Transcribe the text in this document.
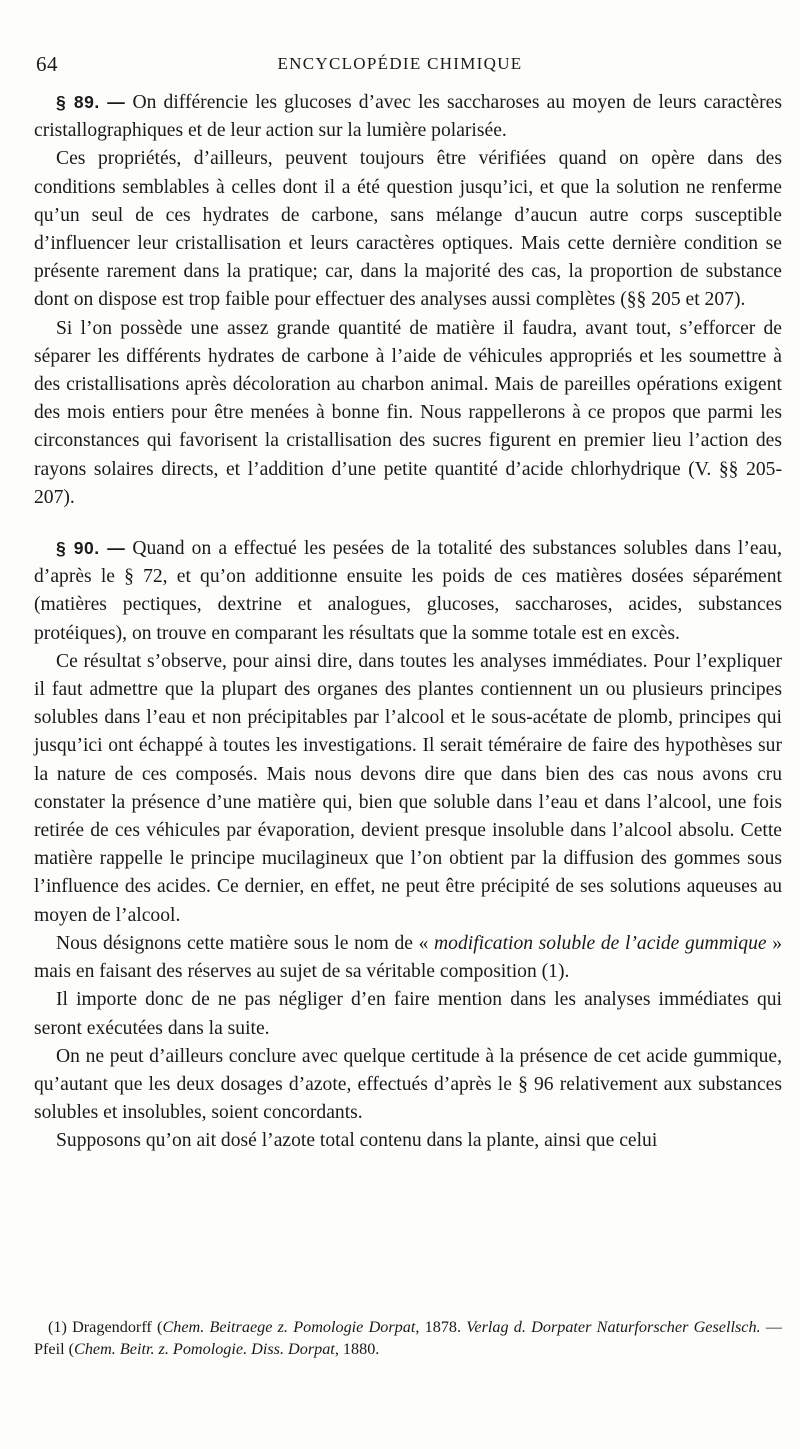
64	ENCYCLOPÉDIE CHIMIQUE

§ 89. — On différencie les glucoses d’avec les saccharoses au moyen de leurs caractères cristallographiques et de leur action sur la lumière polarisée.

Ces propriétés, d’ailleurs, peuvent toujours être vérifiées quand on opère dans des conditions semblables à celles dont il a été question jusqu’ici, et que la solution ne renferme qu’un seul de ces hydrates de carbone, sans mélange d’aucun autre corps susceptible d’influencer leur cristallisation et leurs caractères optiques. Mais cette dernière condition se présente rarement dans la pratique; car, dans la majorité des cas, la proportion de substance dont on dispose est trop faible pour effectuer des analyses aussi complètes (§§ 205 et 207).

Si l’on possède une assez grande quantité de matière il faudra, avant tout, s’efforcer de séparer les différents hydrates de carbone à l’aide de véhicules appropriés et les soumettre à des cristallisations après décoloration au charbon animal. Mais de pareilles opérations exigent des mois entiers pour être menées à bonne fin. Nous rappellerons à ce propos que parmi les circonstances qui favorisent la cristallisation des sucres figurent en premier lieu l’action des rayons solaires directs, et l’addition d’une petite quantité d’acide chlorhydrique (V. §§ 205-207).

§ 90. — Quand on a effectué les pesées de la totalité des substances solubles dans l’eau, d’après le § 72, et qu’on additionne ensuite les poids de ces matières dosées séparément (matières pectiques, dextrine et analogues, glucoses, saccharoses, acides, substances protéiques), on trouve en comparant les résultats que la somme totale est en excès.

Ce résultat s’observe, pour ainsi dire, dans toutes les analyses immédiates. Pour l’expliquer il faut admettre que la plupart des organes des plantes contiennent un ou plusieurs principes solubles dans l’eau et non précipitables par l’alcool et le sous-acétate de plomb, principes qui jusqu’ici ont échappé à toutes les investigations. Il serait téméraire de faire des hypothèses sur la nature de ces composés. Mais nous devons dire que dans bien des cas nous avons cru constater la présence d’une matière qui, bien que soluble dans l’eau et dans l’alcool, une fois retirée de ces véhicules par évaporation, devient presque insoluble dans l’alcool absolu. Cette matière rappelle le principe mucilagineux que l’on obtient par la diffusion des gommes sous l’influence des acides. Ce dernier, en effet, ne peut être précipité de ses solutions aqueuses au moyen de l’alcool.

Nous désignons cette matière sous le nom de « modification soluble de l’acide gummique » mais en faisant des réserves au sujet de sa véritable composition (1).

Il importe donc de ne pas négliger d’en faire mention dans les analyses immédiates qui seront exécutées dans la suite.

On ne peut d’ailleurs conclure avec quelque certitude à la présence de cet acide gummique, qu’autant que les deux dosages d’azote, effectués d’après le § 96 relativement aux substances solubles et insolubles, soient concordants.

Supposons qu’on ait dosé l’azote total contenu dans la plante, ainsi que celui

(1) Dragendorff (Chem. Beitraege z. Pomologie Dorpat, 1878. Verlag d. Dorpater Naturforscher Gesellsch. — Pfeil (Chem. Beitr. z. Pomologie. Diss. Dorpat, 1880.
